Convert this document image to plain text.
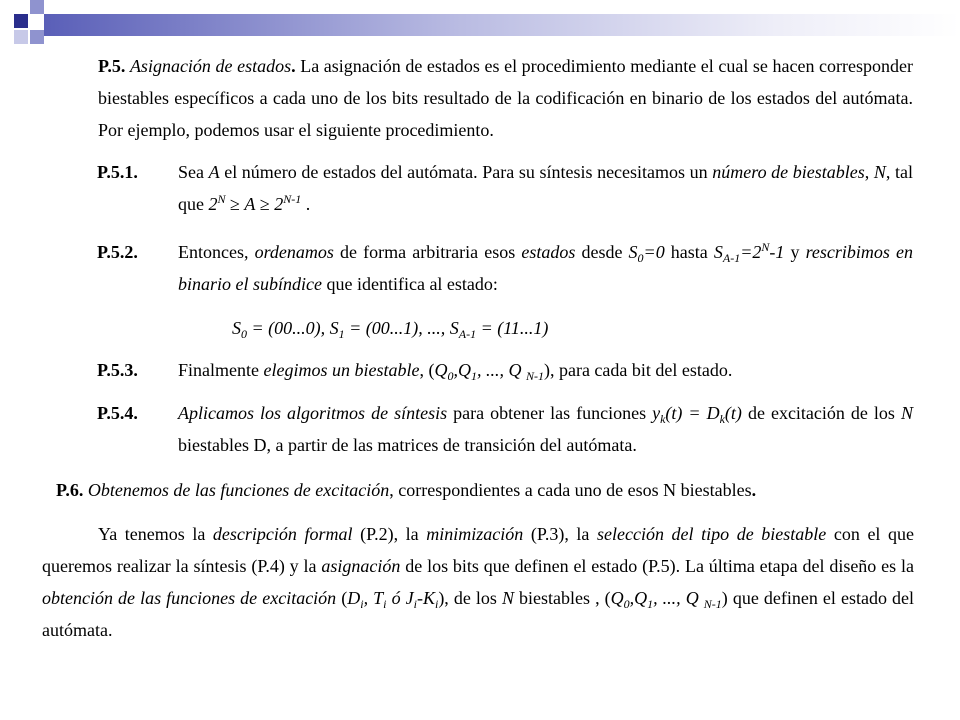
P.5. Asignación de estados. La asignación de estados es el procedimiento mediante el cual se hacen corresponder biestables específicos a cada uno de los bits resultado de la codificación en binario de los estados del autómata. Por ejemplo, podemos usar el siguiente procedimiento.

P.5.1. Sea A el número de estados del autómata. Para su síntesis necesitamos un número de biestables, N, tal que $2^N \ge A \ge 2^{N-1}$ .
P.5.2. Entonces, ordenamos de forma arbitraria esos estados desde $S_0=0$ hasta $S_{A-1}=2^N-1$ y rescribimos en binario el subíndice que identifica al estado:
$S_0 = (00...0)$, $S_1 = (00...1)$, ..., $S_{A-1} = (11...1)$
P.5.3. Finalmente elegimos un biestable, ($Q_0,Q_1$, ..., Q $_{N-1}$), para cada bit del estado.
P.5.4. Aplicamos los algoritmos de síntesis para obtener las funciones $y_k(t) = D_k(t)$ de excitación de los N biestables D, a partir de las matrices de transición del autómata.

P.6. Obtenemos de las funciones de excitación, correspondientes a cada uno de esos N biestables.

Ya tenemos la descripción formal (P.2), la minimización (P.3), la selección del tipo de biestable con el que queremos realizar la síntesis (P.4) y la asignación de los bits que definen el estado (P.5). La última etapa del diseño es la obtención de las funciones de excitación ($D_i$, $T_i$ ó $J_i-K_i$), de los N biestables , ($Q_0,Q_1$, ..., Q $_{N-1}$) que definen el estado del autómata.
